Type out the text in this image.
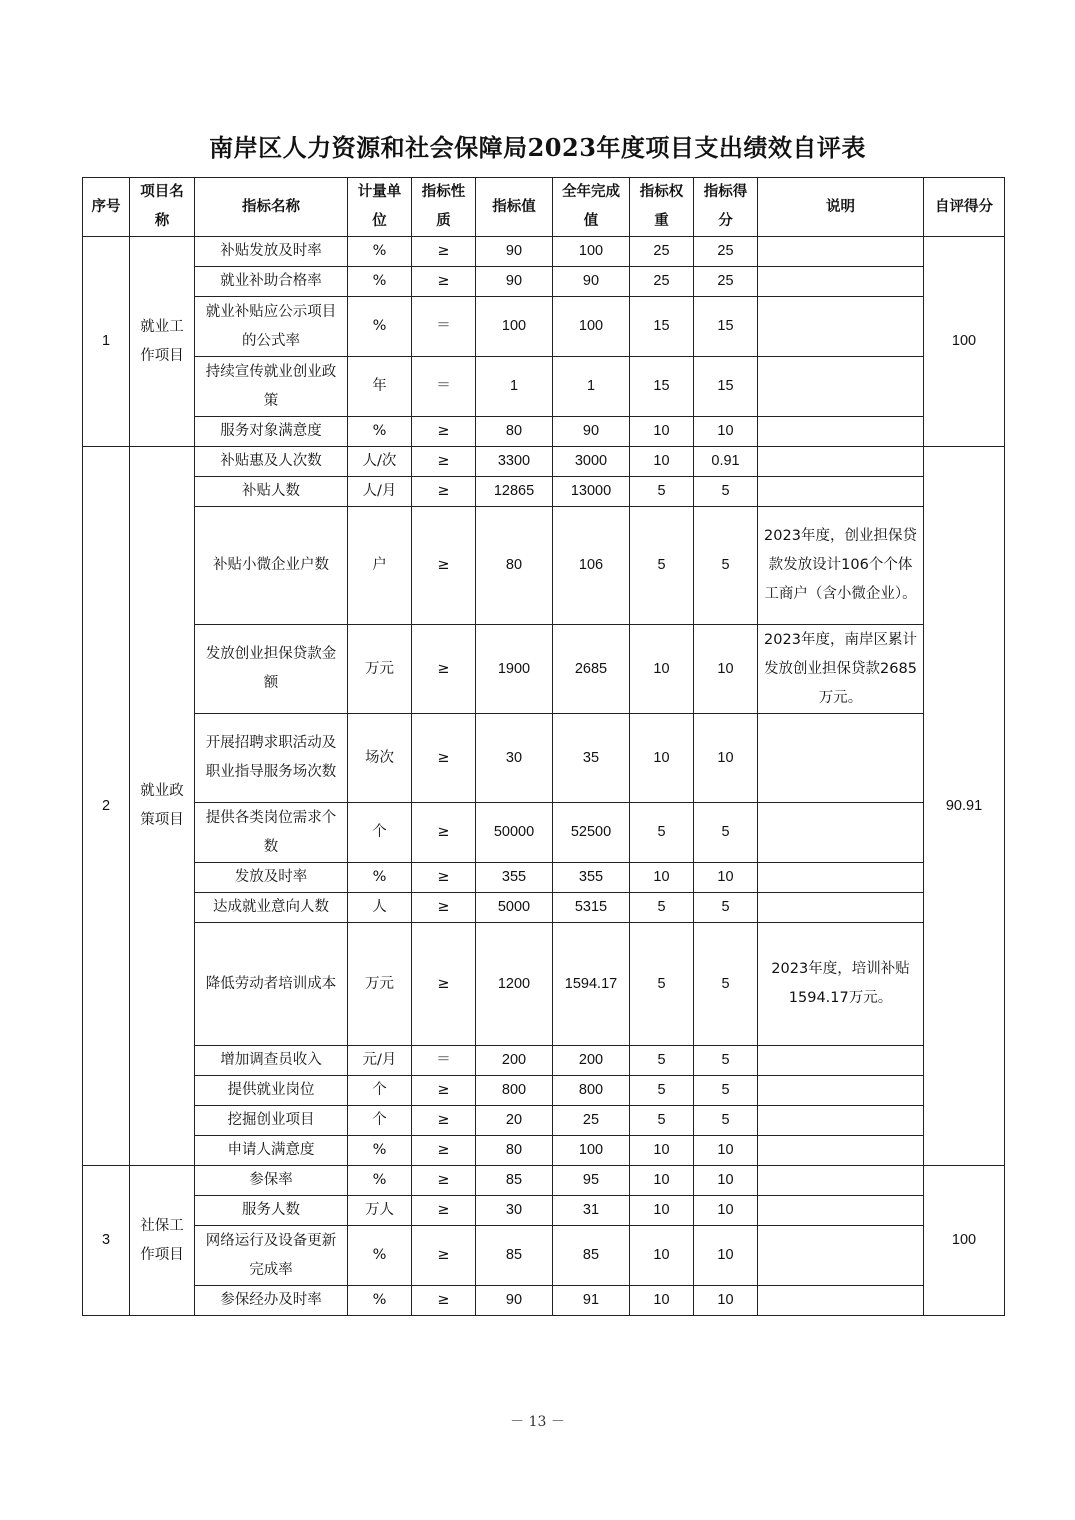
南岸区人力资源和社会保障局2023年度项目支出绩效自评表
序号	项目名称	指标名称	计量单位	指标性质	指标值	全年完成值	指标权重	指标得分	说明	自评得分
1	就业工作项目	补贴发放及时率	%	≥	90	100	25	25		100
		就业补助合格率	%	≥	90	90	25	25		
		就业补贴应公示项目的公式率	%	＝	100	100	15	15		
		持续宣传就业创业政策	年	＝	1	1	15	15		
		服务对象满意度	%	≥	80	90	10	10		
2	就业政策项目	补贴惠及人次数	人/次	≥	3300	3000	10	0.91		90.91
		补贴人数	人/月	≥	12865	13000	5	5		
		补贴小微企业户数	户	≥	80	106	5	5	2023年度，创业担保贷款发放设计106个个体工商户（含小微企业）。	
		发放创业担保贷款金额	万元	≥	1900	2685	10	10	2023年度，南岸区累计发放创业担保贷款2685万元。	
		开展招聘求职活动及职业指导服务场次数	场次	≥	30	35	10	10		
		提供各类岗位需求个数	个	≥	50000	52500	5	5		
		发放及时率	%	≥	355	355	10	10		
		达成就业意向人数	人	≥	5000	5315	5	5		
		降低劳动者培训成本	万元	≥	1200	1594.17	5	5	2023年度，培训补贴1594.17万元。	
		增加调查员收入	元/月	＝	200	200	5	5		
		提供就业岗位	个	≥	800	800	5	5		
		挖掘创业项目	个	≥	20	25	5	5		
		申请人满意度	%	≥	80	100	10	10		
3	社保工作项目	参保率	%	≥	85	95	10	10		100
		服务人数	万人	≥	30	31	10	10		
		网络运行及设备更新完成率	%	≥	85	85	10	10		
		参保经办及时率	%	≥	90	91	10	10		
－ 13 －
